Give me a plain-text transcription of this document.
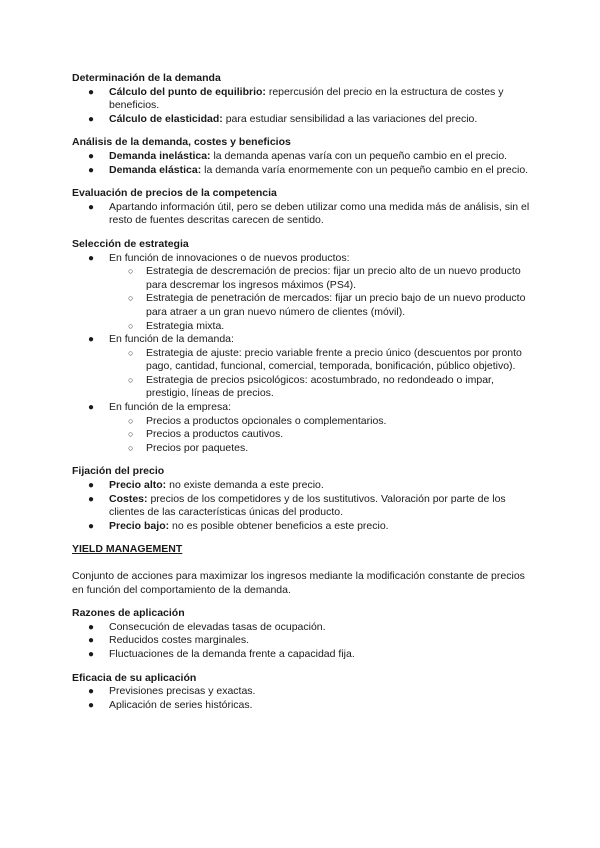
Determinación de la demanda
● Cálculo del punto de equilibrio: repercusión del precio en la estructura de costes y beneficios.
● Cálculo de elasticidad: para estudiar sensibilidad a las variaciones del precio.
Análisis de la demanda, costes y beneficios
● Demanda inelástica: la demanda apenas varía con un pequeño cambio en el precio.
● Demanda elástica: la demanda varía enormemente con un pequeño cambio en el precio.
Evaluación de precios de la competencia
● Apartando información útil, pero se deben utilizar como una medida más de análisis, sin el resto de fuentes descritas carecen de sentido.
Selección de estrategia
● En función de innovaciones o de nuevos productos:
○ Estrategia de descremación de precios: fijar un precio alto de un nuevo producto para descremar los ingresos máximos (PS4).
○ Estrategia de penetración de mercados: fijar un precio bajo de un nuevo producto para atraer a un gran nuevo número de clientes (móvil).
○ Estrategia mixta.
● En función de la demanda:
○ Estrategia de ajuste: precio variable frente a precio único (descuentos por pronto pago, cantidad, funcional, comercial, temporada, bonificación, público objetivo).
○ Estrategia de precios psicológicos: acostumbrado, no redondeado o impar, prestigio, líneas de precios.
● En función de la empresa:
○ Precios a productos opcionales o complementarios.
○ Precios a productos cautivos.
○ Precios por paquetes.
Fijación del precio
● Precio alto: no existe demanda a este precio.
● Costes: precios de los competidores y de los sustitutivos. Valoración por parte de los clientes de las características únicas del producto.
● Precio bajo: no es posible obtener beneficios a este precio.
YIELD MANAGEMENT

Conjunto de acciones para maximizar los ingresos mediante la modificación constante de precios en función del comportamiento de la demanda.

Razones de aplicación
● Consecución de elevadas tasas de ocupación.
● Reducidos costes marginales.
● Fluctuaciones de la demanda frente a capacidad fija.
Eficacia de su aplicación
● Previsiones precisas y exactas.
● Aplicación de series históricas.
